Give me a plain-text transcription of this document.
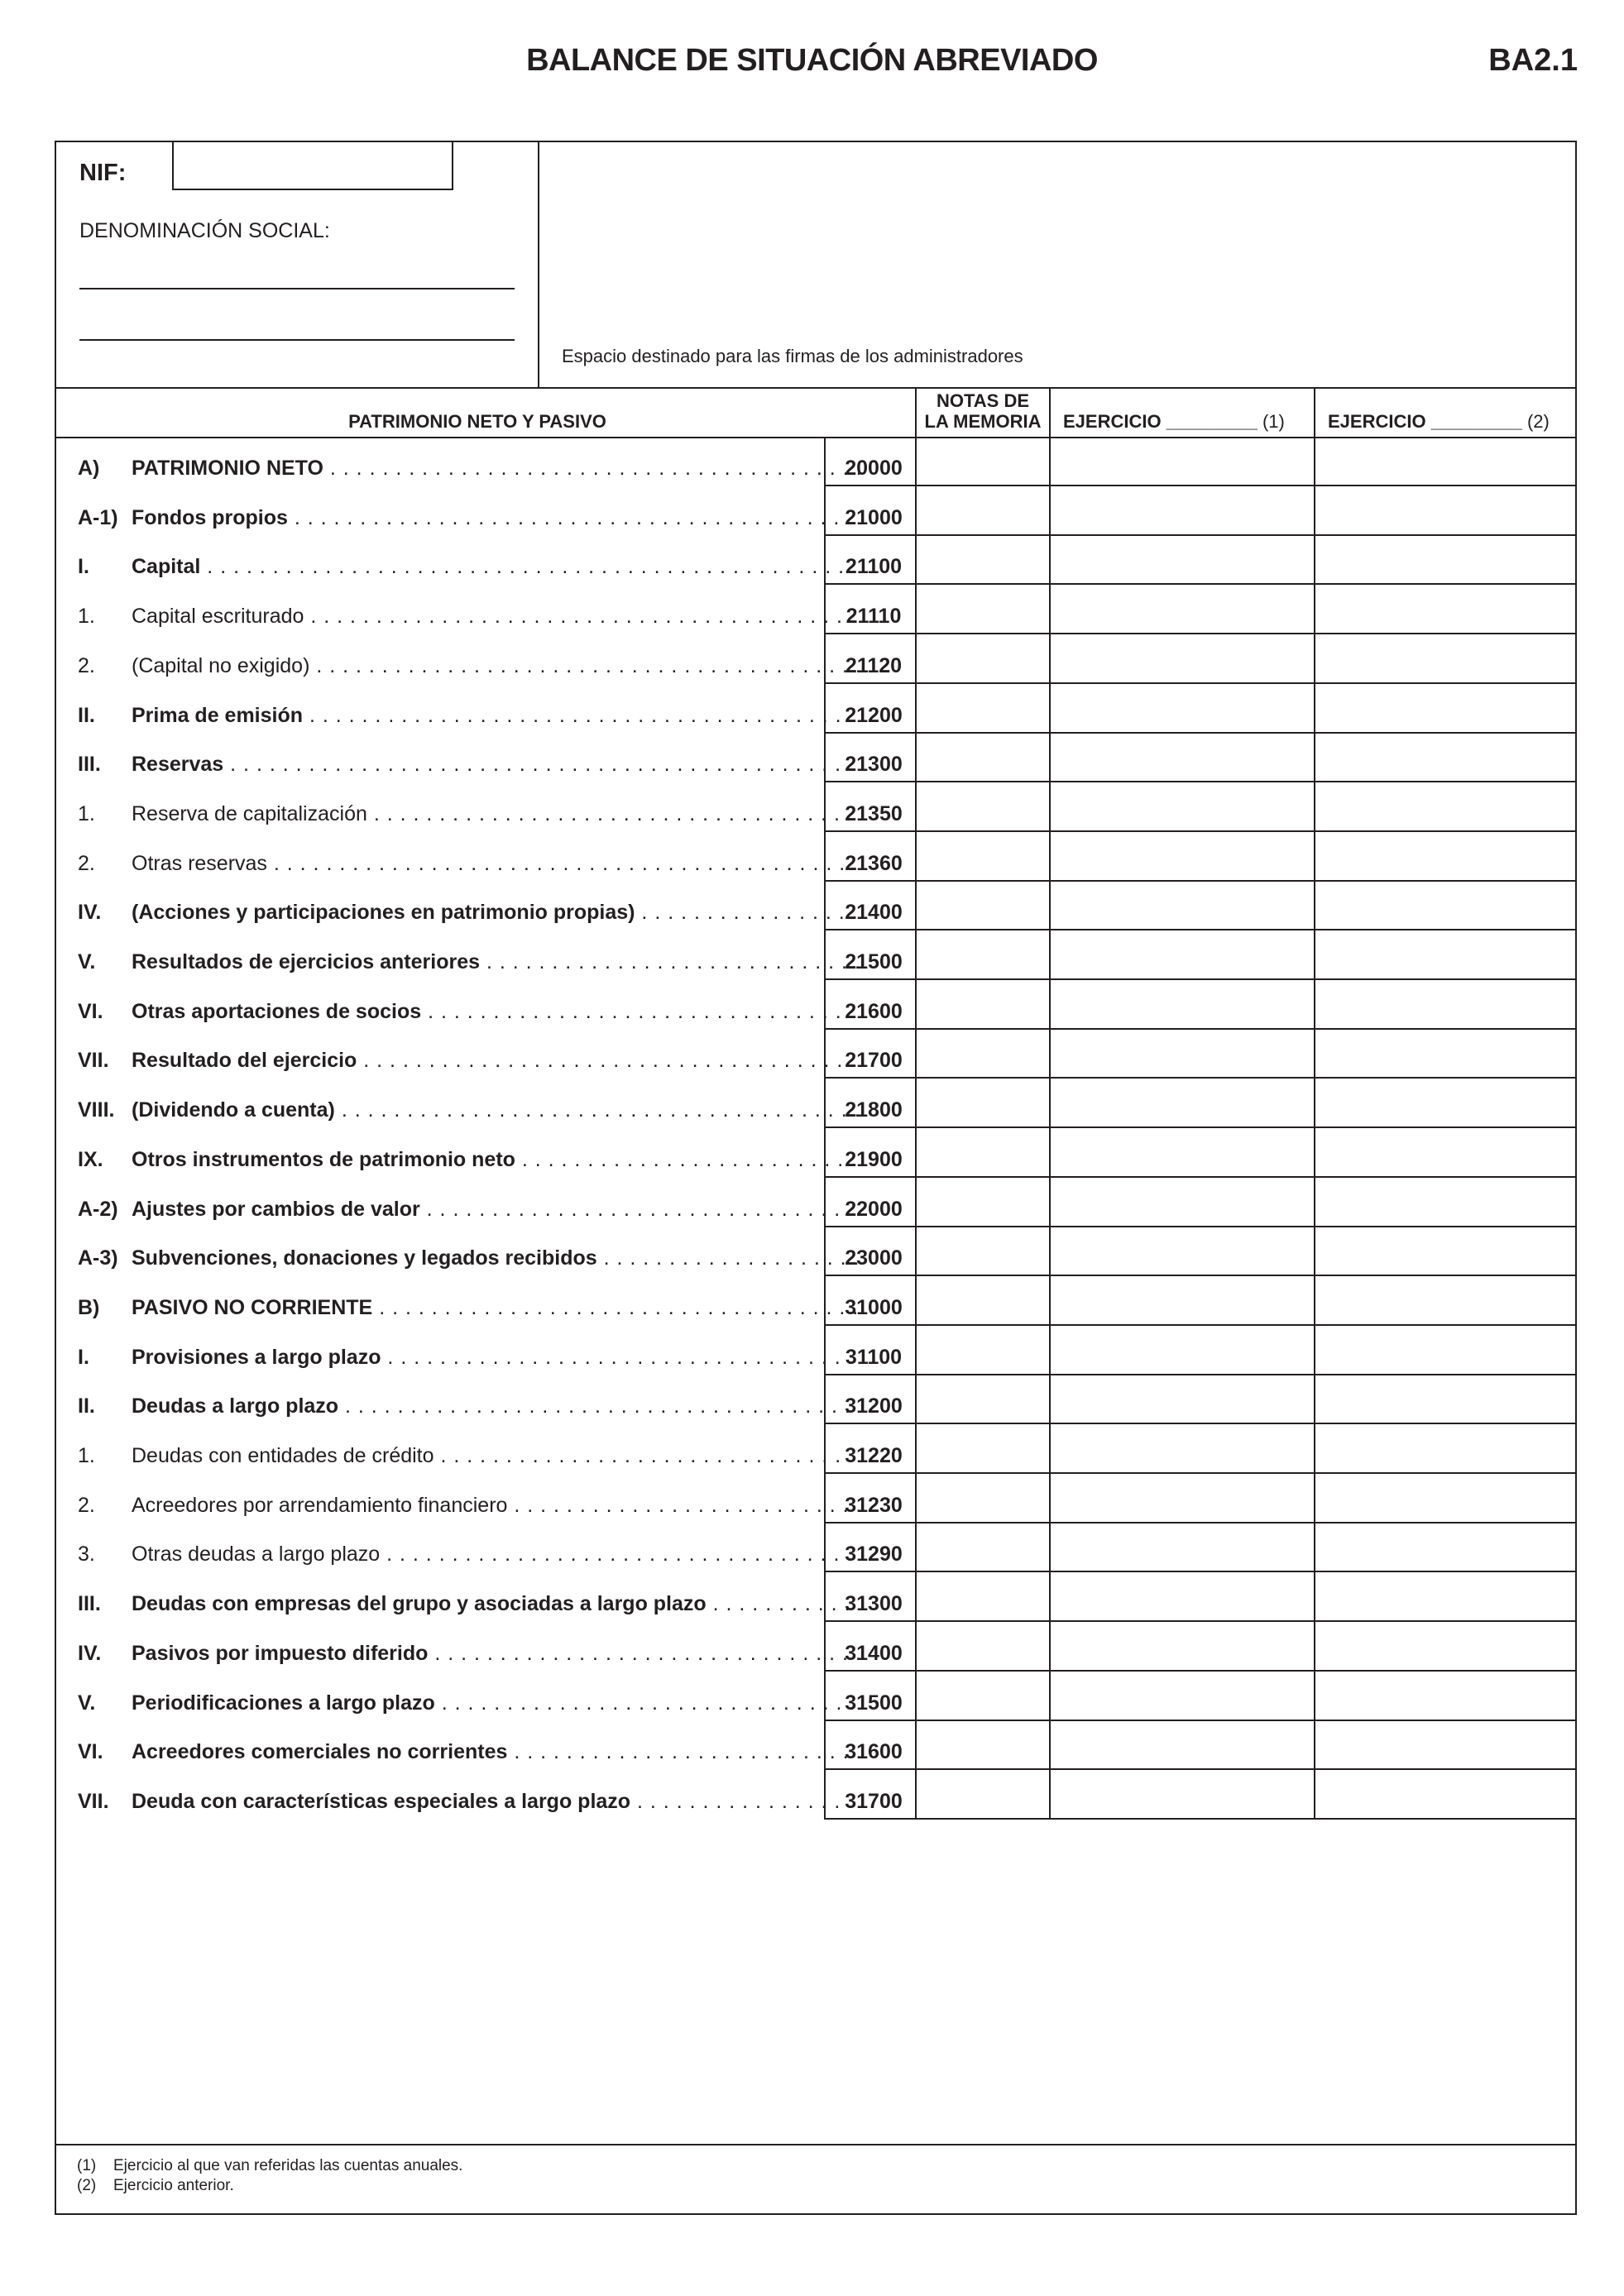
BALANCE DE SITUACIÓN ABREVIADO	BA2.1
NIF:
DENOMINACIÓN SOCIAL:
Espacio destinado para las firmas de los administradores
PATRIMONIO NETO Y PASIVO
NOTAS DE
LA MEMORIA	EJERCICIO _________ (1)	EJERCICIO _________ (2)
A) PATRIMONIO NETO . . .	20000
A-1) Fondos propios . . .	21000
I. Capital . . .	21100
1. Capital escriturado . . .	21110
2. (Capital no exigido) . . .	21120
II. Prima de emisión . . .	21200
III. Reservas . . .	21300
1. Reserva de capitalización . . .	21350
2. Otras reservas . . .	21360
IV. (Acciones y participaciones en patrimonio propias) . . .	21400
V. Resultados de ejercicios anteriores . . .	21500
VI. Otras aportaciones de socios . . .	21600
VII. Resultado del ejercicio . . .	21700
VIII. (Dividendo a cuenta) . . .	21800
IX. Otros instrumentos de patrimonio neto . . .	21900
A-2) Ajustes por cambios de valor . . .	22000
A-3) Subvenciones, donaciones y legados recibidos . . .	23000
B) PASIVO NO CORRIENTE . . .	31000
I. Provisiones a largo plazo . . .	31100
II. Deudas a largo plazo . . .	31200
1. Deudas con entidades de crédito . . .	31220
2. Acreedores por arrendamiento financiero . . .	31230
3. Otras deudas a largo plazo . . .	31290
III. Deudas con empresas del grupo y asociadas a largo plazo . . .	31300
IV. Pasivos por impuesto diferido . . .	31400
V. Periodificaciones a largo plazo . . .	31500
VI. Acreedores comerciales no corrientes . . .	31600
VII. Deuda con características especiales a largo plazo . . .	31700
(1) Ejercicio al que van referidas las cuentas anuales.
(2) Ejercicio anterior.
